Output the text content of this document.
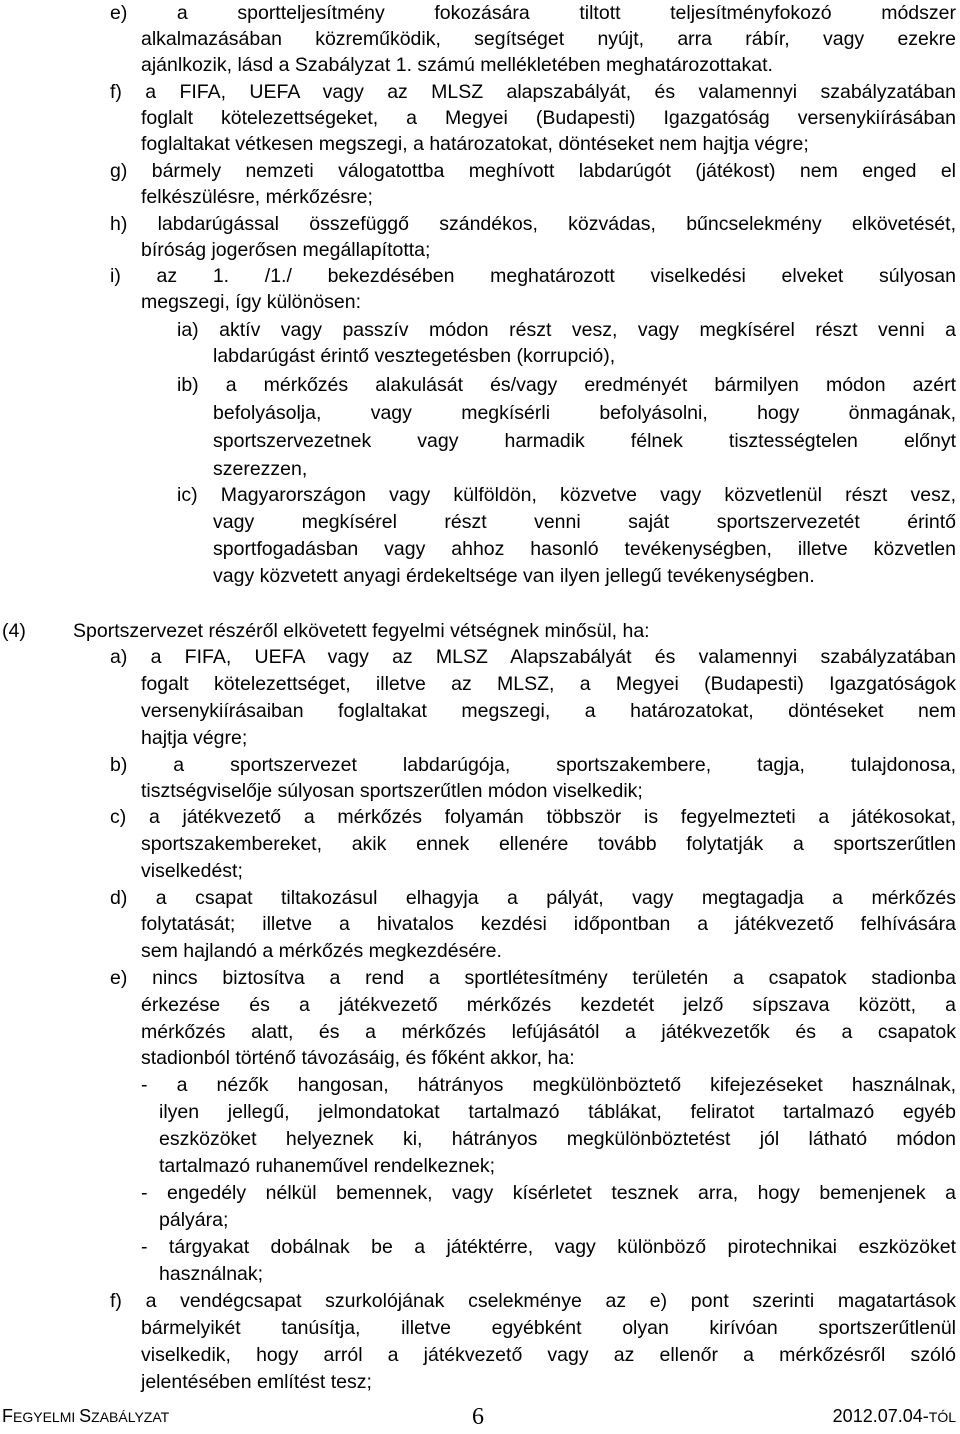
e) a sportteljesítmény fokozására tiltott teljesítményfokozó módszer
alkalmazásában közreműködik, segítséget nyújt, arra rábír, vagy ezekre
ajánlkozik, lásd a Szabályzat 1. számú mellékletében meghatározottakat.
f) a FIFA, UEFA vagy az MLSZ alapszabályát, és valamennyi szabályzatában
foglalt kötelezettségeket, a Megyei (Budapesti) Igazgatóság versenykiírásában
foglaltakat vétkesen megszegi, a határozatokat, döntéseket nem hajtja végre;
g) bármely nemzeti válogatottba meghívott labdarúgót (játékost) nem enged el
felkészülésre, mérkőzésre;
h) labdarúgással összefüggő szándékos, közvádas, bűncselekmény elkövetését,
bíróság jogerősen megállapította;
i) az 1. /1./ bekezdésében meghatározott viselkedési elveket súlyosan
megszegi, így különösen:
ia) aktív vagy passzív módon részt vesz, vagy megkísérel részt venni a
labdarúgást érintő vesztegetésben (korrupció),
ib) a mérkőzés alakulását és/vagy eredményét bármilyen módon azért
befolyásolja, vagy megkísérli befolyásolni, hogy önmagának,
sportszervezetnek vagy harmadik félnek tisztességtelen előnyt
szerezzen,
ic) Magyarországon vagy külföldön, közvetve vagy közvetlenül részt vesz,
vagy megkísérel részt venni saját sportszervezetét érintő
sportfogadásban vagy ahhoz hasonló tevékenységben, illetve közvetlen
vagy közvetett anyagi érdekeltsége van ilyen jellegű tevékenységben.
(4) Sportszervezet részéről elkövetett fegyelmi vétségnek minősül, ha:
a) a FIFA, UEFA vagy az MLSZ Alapszabályát és valamennyi szabályzatában
fogalt kötelezettséget, illetve az MLSZ, a Megyei (Budapesti) Igazgatóságok
versenykiírásaiban foglaltakat megszegi, a határozatokat, döntéseket nem
hajtja végre;
b) a sportszervezet labdarúgója, sportszakembere, tagja, tulajdonosa,
tisztségviselője súlyosan sportszerűtlen módon viselkedik;
c) a játékvezető a mérkőzés folyamán többször is fegyelmezteti a játékosokat,
sportszakembereket, akik ennek ellenére tovább folytatják a sportszerűtlen
viselkedést;
d) a csapat tiltakozásul elhagyja a pályát, vagy megtagadja a mérkőzés
folytatását; illetve a hivatalos kezdési időpontban a játékvezető felhívására
sem hajlandó a mérkőzés megkezdésére.
e) nincs biztosítva a rend a sportlétesítmény területén a csapatok stadionba
érkezése és a játékvezető mérkőzés kezdetét jelző sípszava között, a
mérkőzés alatt, és a mérkőzés lefújásától a játékvezetők és a csapatok
stadionból történő távozásáig, és főként akkor, ha:
- a nézők hangosan, hátrányos megkülönböztető kifejezéseket használnak,
ilyen jellegű, jelmondatokat tartalmazó táblákat, feliratot tartalmazó egyéb
eszközöket helyeznek ki, hátrányos megkülönböztetést jól látható módon
tartalmazó ruhaneművel rendelkeznek;
- engedély nélkül bemennek, vagy kísérletet tesznek arra, hogy bemenjenek a
pályára;
- tárgyakat dobálnak be a játéktérre, vagy különböző pirotechnikai eszközöket
használnak;
f) a vendégcsapat szurkolójának cselekménye az e) pont szerinti magatartások
bármelyikét tanúsítja, illetve egyébként olyan kirívóan sportszerűtlenül
viselkedik, hogy arról a játékvezető vagy az ellenőr a mérkőzésről szóló
jelentésében említést tesz;
FEGYELMI SZABÁLYZAT	6	2012.07.04-TÓL
